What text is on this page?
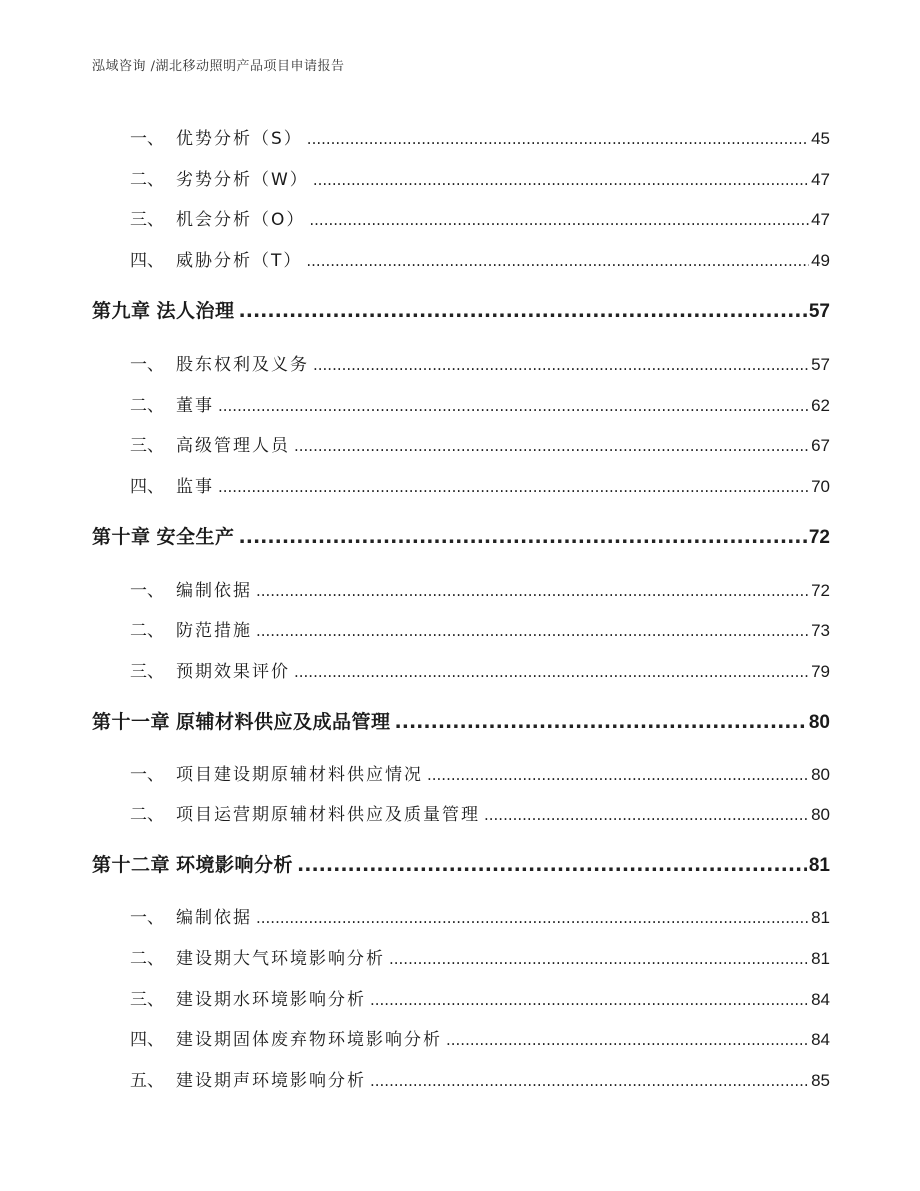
泓域咨询 /湖北移动照明产品项目申请报告
一、 优势分析（S） .....	45
二、 劣势分析（W） .....	47
三、 机会分析（O） .....	47
四、 威胁分析（T） .....	49
第九章 法人治理 .....	57
一、 股东权利及义务 .....	57
二、 董事 .....	62
三、 高级管理人员 .....	67
四、 监事 .....	70
第十章 安全生产 .....	72
一、 编制依据 .....	72
二、 防范措施 .....	73
三、 预期效果评价 .....	79
第十一章 原辅材料供应及成品管理 .....	80
一、 项目建设期原辅材料供应情况 .....	80
二、 项目运营期原辅材料供应及质量管理 .....	80
第十二章 环境影响分析 .....	81
一、 编制依据 .....	81
二、 建设期大气环境影响分析 .....	81
三、 建设期水环境影响分析 .....	84
四、 建设期固体废弃物环境影响分析 .....	84
五、 建设期声环境影响分析 .....	85
